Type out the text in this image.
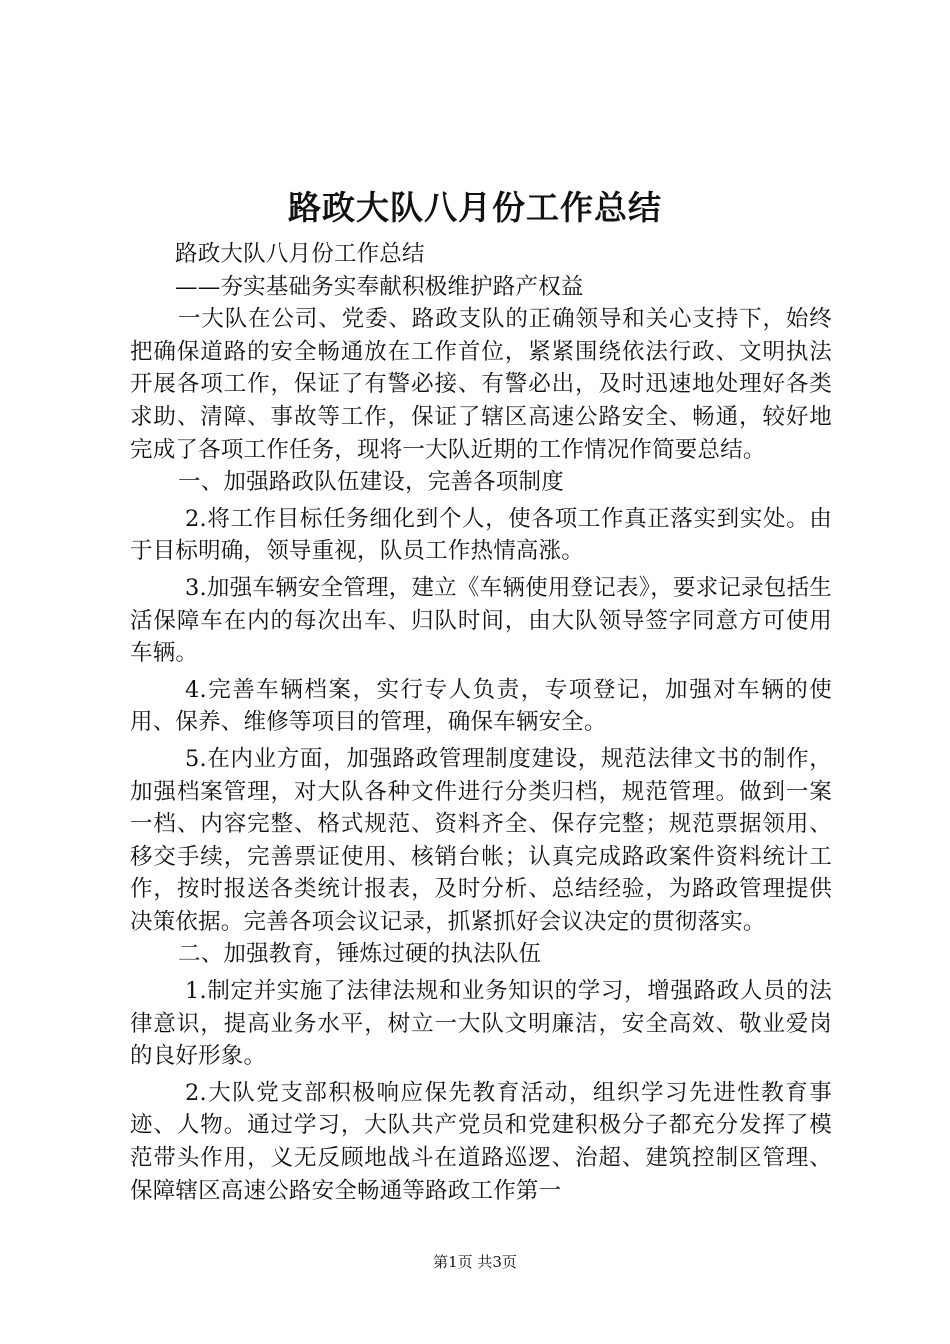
路政大队八月份工作总结

路政大队八月份工作总结

——夯实基础务实奉献积极维护路产权益

一大队在公司、党委、路政支队的正确领导和关心支持下，始终把确保道路的安全畅通放在工作首位，紧紧围绕依法行政、文明执法开展各项工作，保证了有警必接、有警必出，及时迅速地处理好各类求助、清障、事故等工作，保证了辖区高速公路安全、畅通，较好地完成了各项工作任务，现将一大队近期的工作情况作简要总结。

一、加强路政队伍建设，完善各项制度

2.将工作目标任务细化到个人，使各项工作真正落实到实处。由于目标明确，领导重视，队员工作热情高涨。

3.加强车辆安全管理，建立《车辆使用登记表》，要求记录包括生活保障车在内的每次出车、归队时间，由大队领导签字同意方可使用车辆。

4.完善车辆档案，实行专人负责，专项登记，加强对车辆的使用、保养、维修等项目的管理，确保车辆安全。

5.在内业方面，加强路政管理制度建设，规范法律文书的制作，加强档案管理，对大队各种文件进行分类归档，规范管理。做到一案一档、内容完整、格式规范、资料齐全、保存完整；规范票据领用、移交手续，完善票证使用、核销台帐；认真完成路政案件资料统计工作，按时报送各类统计报表，及时分析、总结经验，为路政管理提供决策依据。完善各项会议记录，抓紧抓好会议决定的贯彻落实。

二、加强教育，锤炼过硬的执法队伍

1.制定并实施了法律法规和业务知识的学习，增强路政人员的法律意识，提高业务水平，树立一大队文明廉洁，安全高效、敬业爱岗的良好形象。

2.大队党支部积极响应保先教育活动，组织学习先进性教育事迹、人物。通过学习，大队共产党员和党建积极分子都充分发挥了模范带头作用，义无反顾地战斗在道路巡逻、治超、建筑控制区管理、保障辖区高速公路安全畅通等路政工作第一

第1页 共3页
